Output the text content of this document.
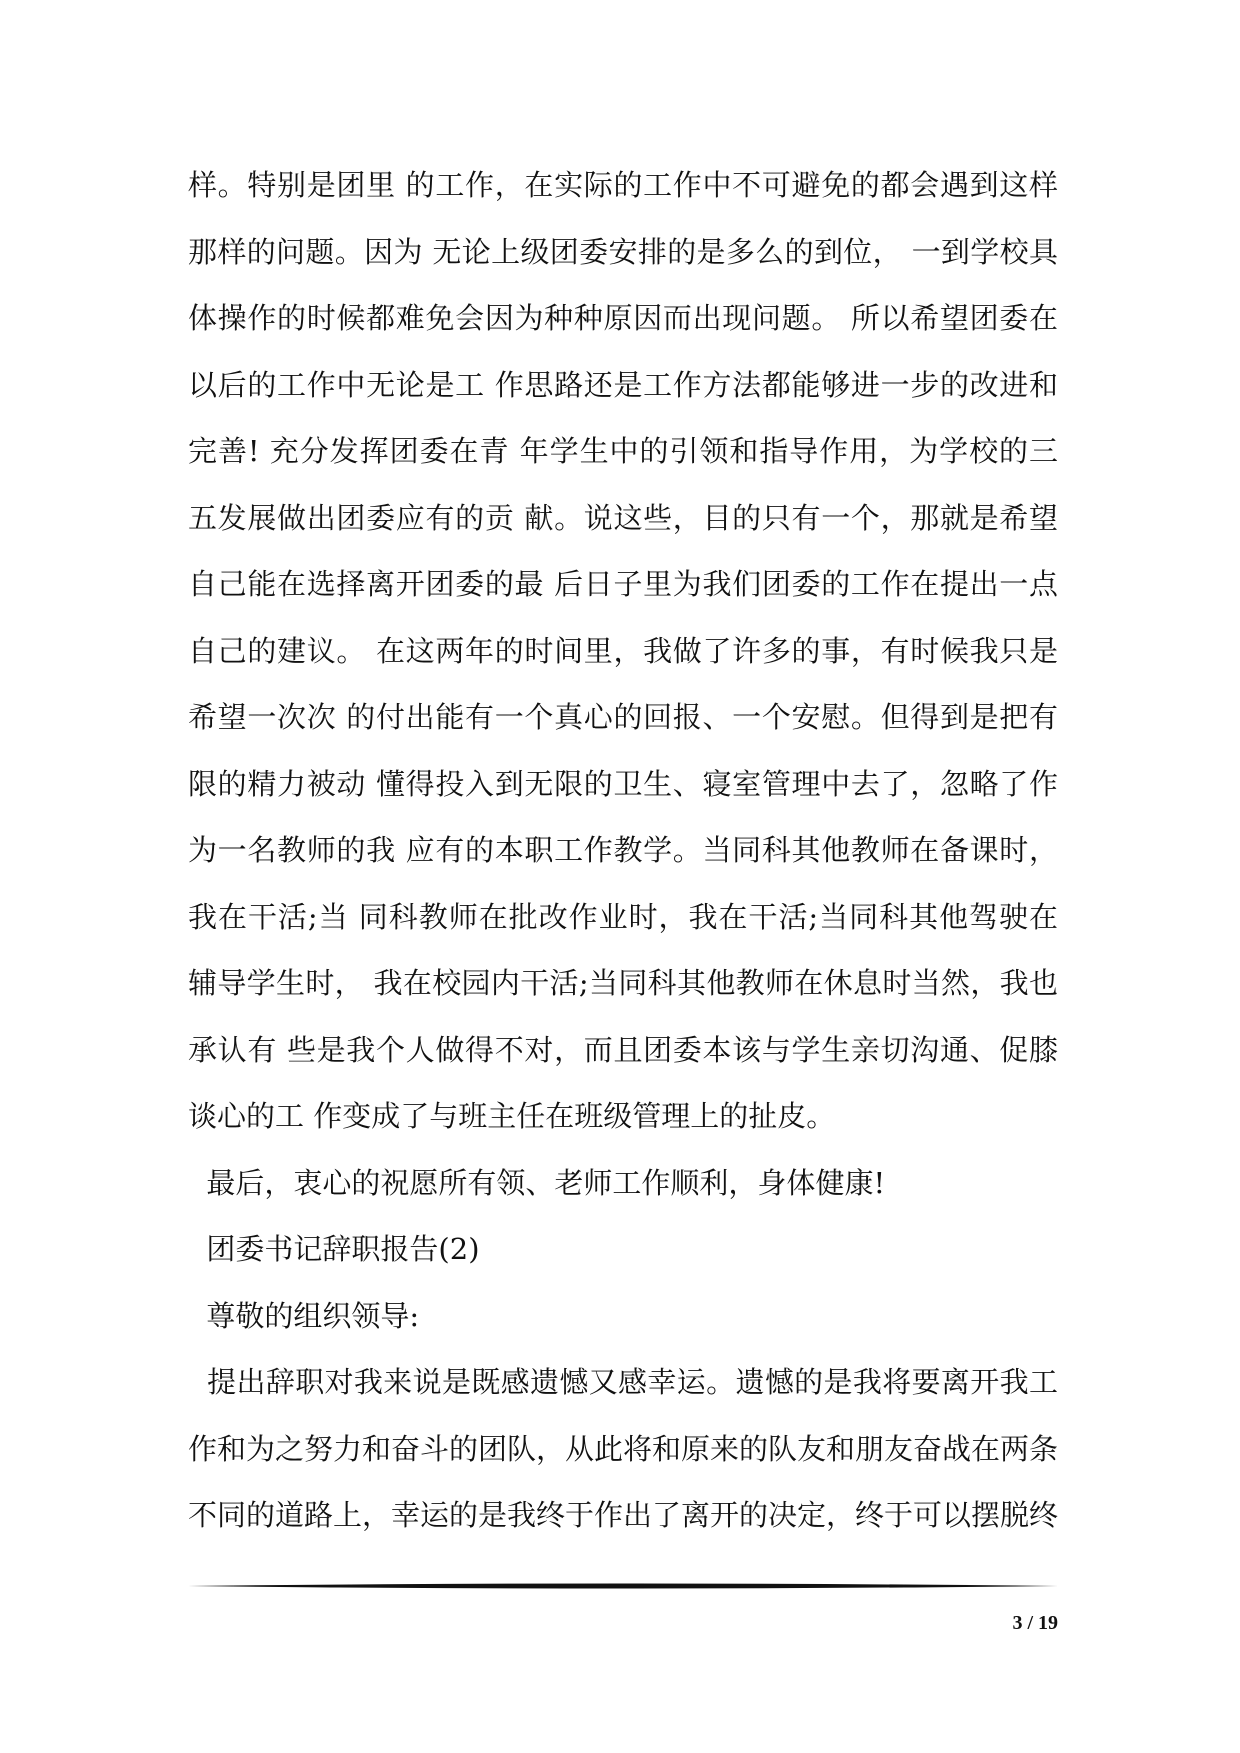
样。特别是团里 的工作，在实际的工作中不可避免的都会遇到这样
那样的问题。因为 无论上级团委安排的是多么的到位， 一到学校具
体操作的时候都难免会因为种种原因而出现问题。 所以希望团委在
以后的工作中无论是工 作思路还是工作方法都能够进一步的改进和
完善! 充分发挥团委在青 年学生中的引领和指导作用，为学校的三
五发展做出团委应有的贡 献。说这些，目的只有一个，那就是希望
自己能在选择离开团委的最 后日子里为我们团委的工作在提出一点
自己的建议。 在这两年的时间里，我做了许多的事，有时候我只是
希望一次次 的付出能有一个真心的回报、一个安慰。但得到是把有
限的精力被动 懂得投入到无限的卫生、寝室管理中去了，忽略了作
为一名教师的我 应有的本职工作教学。当同科其他教师在备课时，
我在干活;当 同科教师在批改作业时，我在干活;当同科其他驾驶在
辅导学生时， 我在校园内干活;当同科其他教师在休息时当然，我也
承认有 些是我个人做得不对，而且团委本该与学生亲切沟通、促膝
谈心的工 作变成了与班主任在班级管理上的扯皮。
最后，衷心的祝愿所有领、老师工作顺利，身体健康!
团委书记辞职报告(2)
尊敬的组织领导:
提出辞职对我来说是既感遗憾又感幸运。遗憾的是我将要离开我工
作和为之努力和奋斗的团队，从此将和原来的队友和朋友奋战在两条
不同的道路上，幸运的是我终于作出了离开的决定，终于可以摆脱终
3 / 19
